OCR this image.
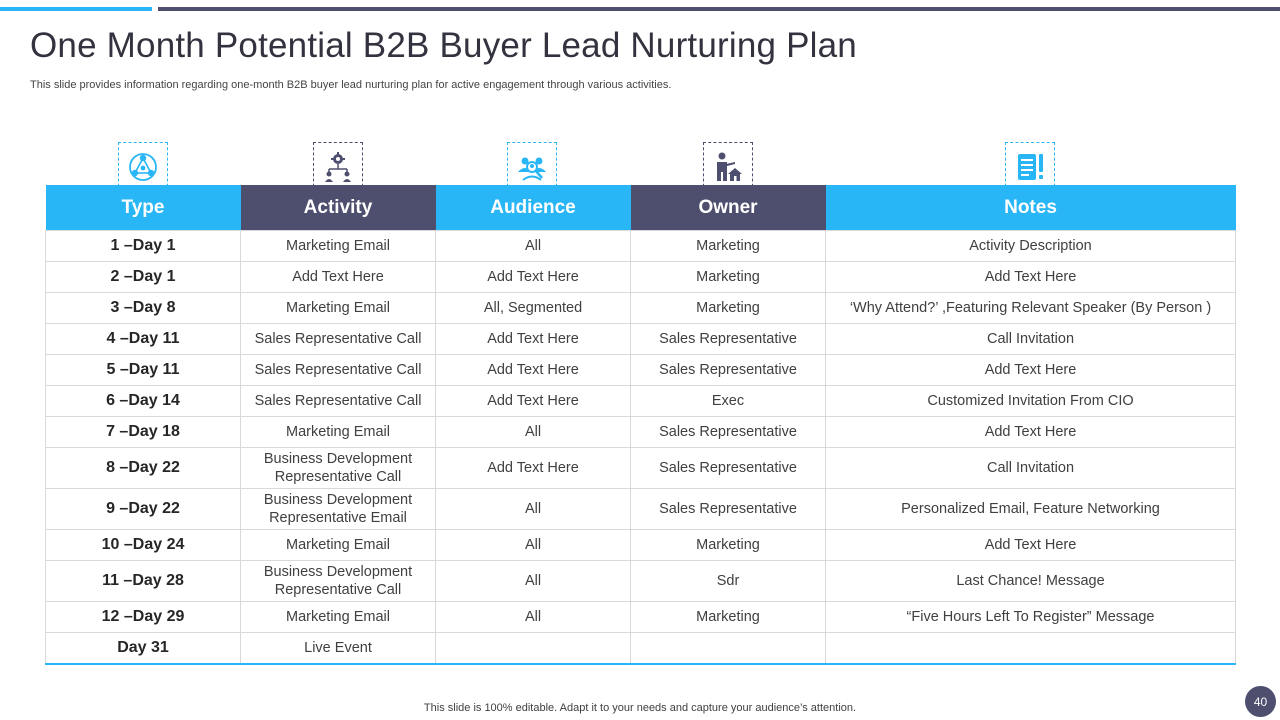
One Month Potential B2B Buyer Lead Nurturing Plan

This slide provides information regarding one-month B2B buyer lead nurturing plan for active engagement through various activities.

Type	Activity	Audience	Owner	Notes
1 –Day 1	Marketing Email	All	Marketing	Activity Description
2 –Day 1	Add Text Here	Add Text Here	Marketing	Add Text Here
3 –Day 8	Marketing Email	All, Segmented	Marketing	‘Why Attend?’ ,Featuring Relevant Speaker (By Person )
4 –Day 11	Sales Representative Call	Add Text Here	Sales Representative	Call Invitation
5 –Day 11	Sales Representative Call	Add Text Here	Sales Representative	Add Text Here
6 –Day 14	Sales Representative Call	Add Text Here	Exec	Customized Invitation From CIO
7 –Day 18	Marketing Email	All	Sales Representative	Add Text Here
8 –Day 22	Business Development Representative Call	Add Text Here	Sales Representative	Call Invitation
9 –Day 22	Business Development Representative Email	All	Sales Representative	Personalized Email, Feature Networking
10 –Day 24	Marketing Email	All	Marketing	Add Text Here
11 –Day 28	Business Development Representative Call	All	Sdr	Last Chance! Message
12 –Day 29	Marketing Email	All	Marketing	“Five Hours Left To Register” Message
Day 31	Live Event			
This slide is 100% editable. Adapt it to your needs and capture your audience’s attention.	40
